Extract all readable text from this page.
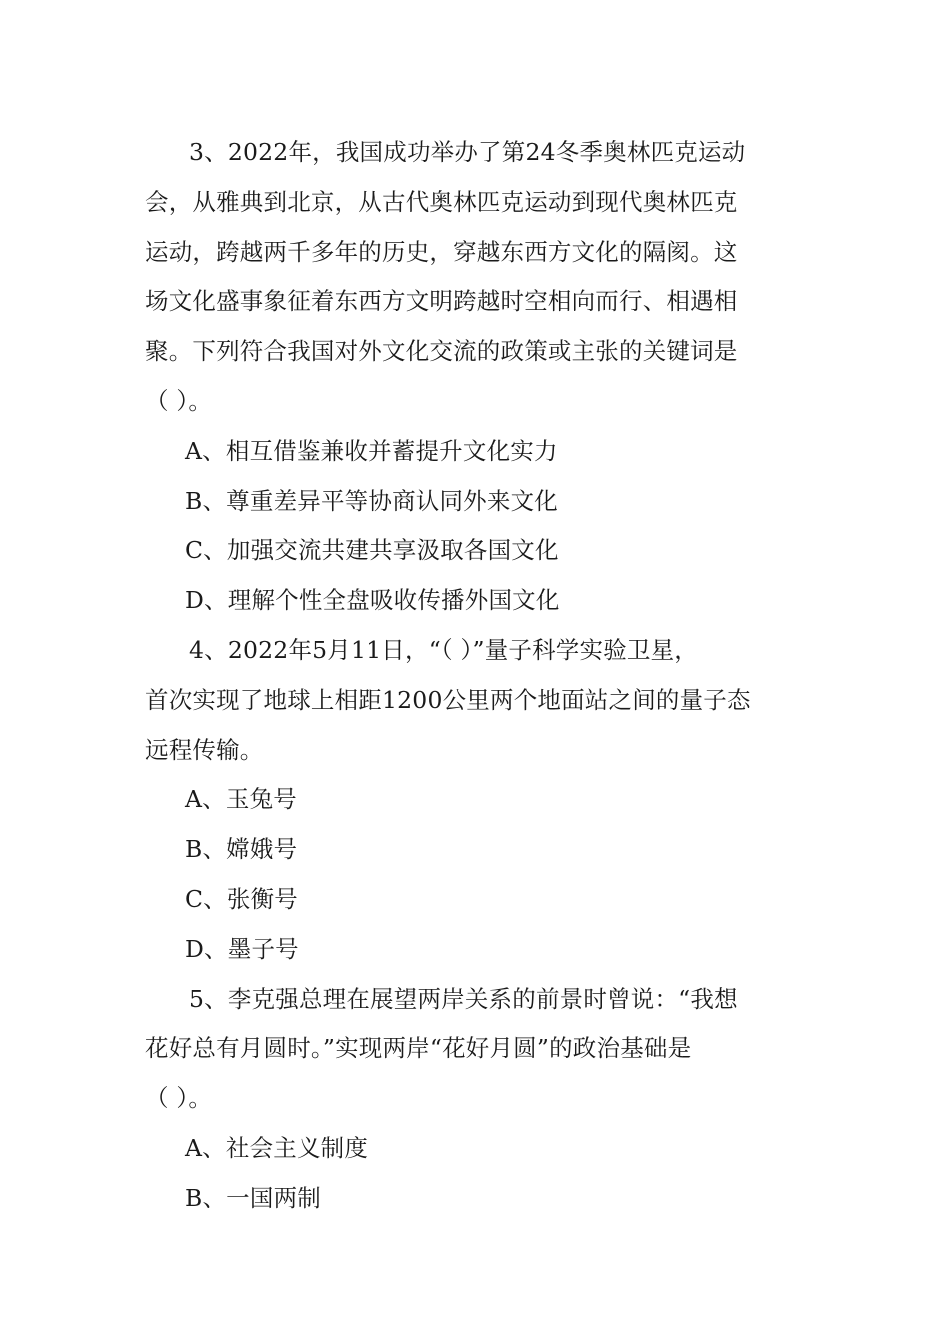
3、2022年，我国成功举办了第24冬季奥林匹克运动
会，从雅典到北京，从古代奥林匹克运动到现代奥林匹克
运动，跨越两千多年的历史，穿越东西方文化的隔阂。这
场文化盛事象征着东西方文明跨越时空相向而行、相遇相
聚。下列符合我国对外文化交流的政策或主张的关键词是
（ ）。
A、相互借鉴兼收并蓄提升文化实力
B、尊重差异平等协商认同外来文化
C、加强交流共建共享汲取各国文化
D、理解个性全盘吸收传播外国文化
4、2022年5月11日，“（ ）”量子科学实验卫星，
首次实现了地球上相距1200公里两个地面站之间的量子态
远程传输。
A、玉兔号
B、嫦娥号
C、张衡号
D、墨子号
5、李克强总理在展望两岸关系的前景时曾说：“我想
花好总有月圆时。”实现两岸“花好月圆”的政治基础是
（ ）。
A、社会主义制度
B、一国两制
